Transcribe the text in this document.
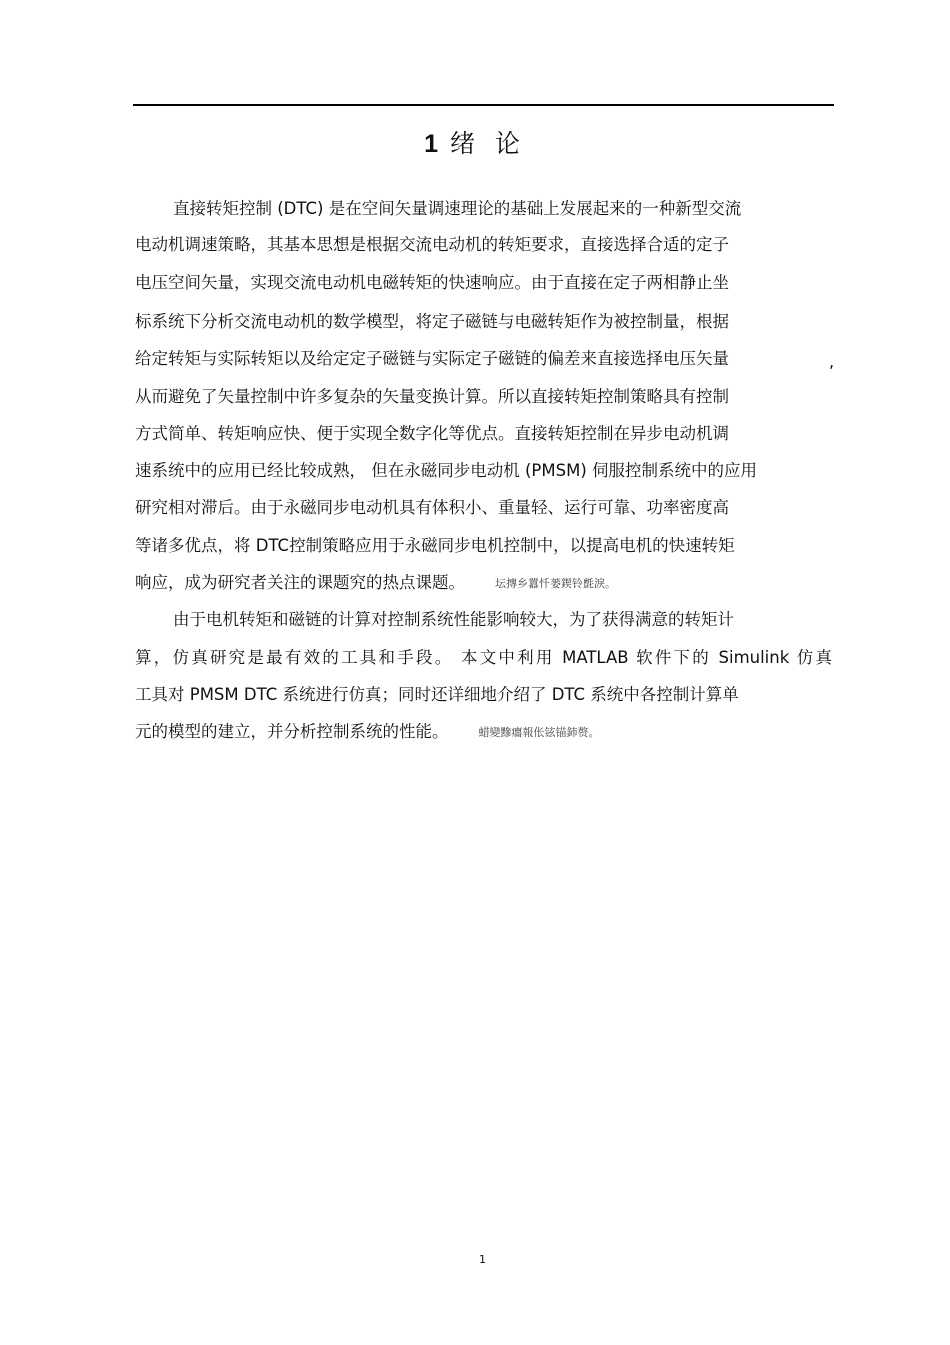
1 绪 论
直接转矩控制 (DTC) 是在空间矢量调速理论的基础上发展起来的一种新型交流
电动机调速策略，其基本思想是根据交流电动机的转矩要求，直接选择合适的定子
电压空间矢量，实现交流电动机电磁转矩的快速响应。由于直接在定子两相静止坐
标系统下分析交流电动机的数学模型，将定子磁链与电磁转矩作为被控制量，根据
给定转矩与实际转矩以及给定定子磁链与实际定子磁链的偏差来直接选择电压矢量	,
从而避免了矢量控制中许多复杂的矢量变换计算。所以直接转矩控制策略具有控制
方式简单、转矩响应快、便于实现全数字化等优点。直接转矩控制在异步电动机调
速系统中的应用已经比较成熟， 但在永磁同步电动机 (PMSM) 伺服控制系统中的应用
研究相对滞后。由于永磁同步电动机具有体积小、重量轻、运行可靠、功率密度高
等诸多优点，将 DTC控制策略应用于永磁同步电机控制中，以提高电机的快速转矩
响应，成为研究者关注的课题究的热点课题。	坛摶乡囂忏蒌鍥铃氈淚。
由于电机转矩和磁链的计算对控制系统性能影响较大，为了获得满意的转矩计
算，仿真研究是最有效的工具和手段。 本文中利用 MATLAB 软件下的 Simulink 仿真
工具对 PMSM DTC 系统进行仿真；同时还详细地介绍了 DTC 系统中各控制计算单
元的模型的建立，并分析控制系统的性能。	蜡變黲癟報伥铉锚鈰赘。
1
